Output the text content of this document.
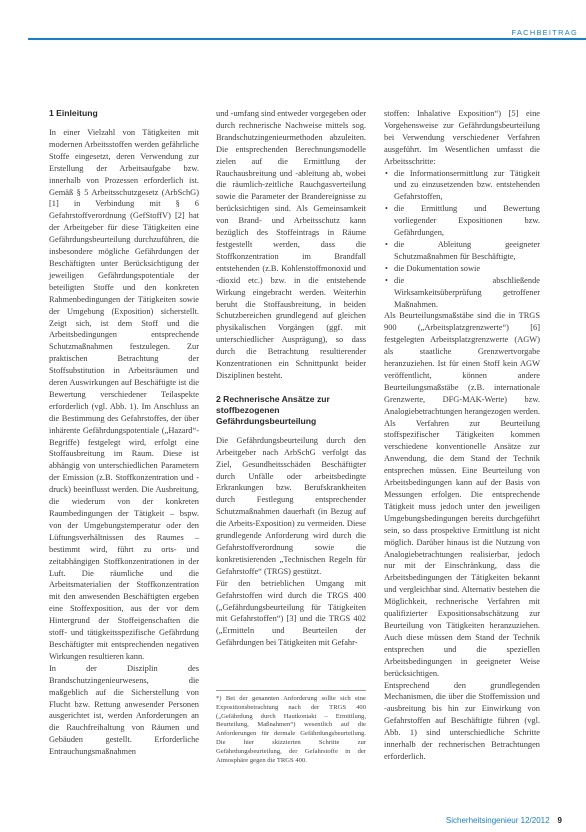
FACHBEITRAG
1 Einleitung

In einer Vielzahl von Tätigkeiten mit modernen Arbeitsstoffen werden gefährliche Stoffe eingesetzt, deren Verwendung zur Erstellung der Arbeitsaufgabe bzw. innerhalb von Prozessen erforderlich ist. Gemäß § 5 Arbeitsschutzgesetz (ArbSchG) [1] in Verbindung mit § 6 Gefahrstoffverordnung (GefStoffV) [2] hat der Arbeitgeber für diese Tätigkeiten eine Gefährdungsbeurteilung durchzuführen, die insbesondere mögliche Gefährdungen der Beschäftigten unter Berücksichtigung der jeweiligen Gefährdungspotentiale der beteiligten Stoffe und den konkreten Rahmenbedingungen der Tätigkeiten sowie der Umgebung (Exposition) sicherstellt. Zeigt sich, ist dem Stoff und die Arbeitsbedingungen entsprechende Schutzmaßnahmen festzulegen. Zur praktischen Betrachtung der Stoffsubstitution in Arbeitsräumen und deren Auswirkungen auf Beschäftigte ist die Bewertung verschiedener Teilaspekte erforderlich (vgl. Abb. 1). Im Anschluss an die Bestimmung des Gefahrstoffes, der über inhärente Gefährdungspotentiale („Hazard“-Begriffe) festgelegt wird, erfolgt eine Stoffausbreitung im Raum. Diese ist abhängig von unterschiedlichen Parametern der Emission (z.B. Stoffkonzentration und -druck) beeinflusst werden. Die Ausbreitung, die wiederum von der konkreten Raumbedingungen der Tätigkeit – bspw. von der Umgebungstemperatur oder den Lüftungsverhältnissen des Raumes – bestimmt wird, führt zu orts- und zeitabhängigen Stoffkonzentrationen in der Luft. Die räumliche und die Arbeitsmaterialien der Stoffkonzentration mit den anwesenden Beschäftigten ergeben eine Stoffexposition, aus der vor dem Hintergrund der Stoffeigenschaften die stoff- und tätigkeitsspezifische Gefährdung Beschäftigter mit entsprechenden negativen Wirkungen resultieren kann.

In der Disziplin des Brandschutzingenieurwesens, die maßgeblich auf die Sicherstellung von Flucht bzw. Rettung anwesender Personen ausgerichtet ist, werden Anforderungen an die Rauchfreihaltung von Räumen und Gebäuden gestellt. Erforderliche Entrauchungsmaßnahmen

und -umfang sind entweder vorgegeben oder durch rechnerische Nachweise mittels sog. Brandschutzingenieurmethoden abzuleiten. Die entsprechenden Berechnungsmodelle zielen auf die Ermittlung der Rauchausbreitung und -ableitung ab, wobei die räumlich-zeitliche Rauchgasverteilung sowie die Parameter der Brandereignisse zu berücksichtigen sind. Als Gemeinsamkeit von Brand- und Arbeitsschutz kann bezüglich des Stoffeintrags in Räume festgestellt werden, dass die Stoffkonzentration im Brandfall entstehenden (z.B. Kohlenstoffmonoxid und -dioxid etc.) bzw. in die entstehende Wirkung eingebracht werden. Weiterhin beruht die Stoffausbreitung, in beiden Schutzbereichen grundlegend auf gleichen physikalischen Vorgängen (ggf. mit unterschiedlicher Ausprägung), so dass durch die Betrachtung resultierender Konzentrationen ein Schnittpunkt beider Disziplinen besteht.

2 Rechnerische Ansätze zur stoffbezogenen Gefährdungsbeurteilung

Die Gefährdungsbeurteilung durch den Arbeitgeber nach ArbSchG verfolgt das Ziel, Gesundheitsschäden Beschäftigter durch Unfälle oder arbeitsbedingte Erkrankungen bzw. Berufskrankheiten durch Festlegung entsprechender Schutzmaßnahmen dauerhaft (in Bezug auf die Arbeits-Exposition) zu vermeiden. Diese grundlegende Anforderung wird durch die Gefahrstoffverordnung sowie die konkretisierenden „Technischen Regeln für Gefahrstoffe“ (TRGS) gestützt.

Für den betrieblichen Umgang mit Gefahrstoffen wird durch die TRGS 400 („Gefährdungsbeurteilung für Tätigkeiten mit Gefahrstoffen“) [3] und die TRGS 402 („Ermitteln und Beurteilen der Gefährdungen bei Tätigkeiten mit Gefahr-

*) Bei der genannten Anforderung sollte sich eine Expositionsbetrachtung nach der TRGS 400 („Gefährdung durch Hautkontakt – Ermittlung, Beurteilung, Maßnahmen“) wesentlich auf die Anforderungen für dermale Gefährdungsbeurteilung. Die hier skizzierten Schritte zur Gefährdungsbeurteilung, der Gefahrstoffe in der Atmosphäre gegen die TRGS 400.

stoffen: Inhalative Exposition“) [5] eine Vorgehensweise zur Gefährdungsbeurteilung bei Verwendung verschiedener Verfahren ausgeführt. Im Wesentlichen umfasst die Arbeitsschritte:

• die Informationsermittlung zur Tätigkeit und zu einzusetzenden bzw. entstehenden Gefahrstoffen,
• die Ermittlung und Bewertung vorliegender Expositionen bzw. Gefährdungen,
• die Ableitung geeigneter Schutzmaßnahmen für Beschäftigte,
• die Dokumentation sowie
• die abschließende Wirksamkeitsüberprüfung getroffener Maßnahmen.

Als Beurteilungsmaßstäbe sind die in TRGS 900 („Arbeitsplatzgrenzwerte“) [6] festgelegten Arbeitsplatzgrenzwerte (AGW) als staatliche Grenzwertvorgabe heranzuziehen. Ist für einen Stoff kein AGW veröffentlicht, können andere Beurteilungsmaßstäbe (z.B. internationale Grenzwerte, DFG-MAK-Werte) bzw. Analogiebetrachtungen herangezogen werden. Als Verfahren zur Beurteilung stoffspezifischer Tätigkeiten kommen verschiedene konventionelle Ansätze zur Anwendung, die dem Stand der Technik entsprechen müssen. Eine Beurteilung von Arbeitsbedingungen kann auf der Basis von Messungen erfolgen. Die entsprechende Tätigkeit muss jedoch unter den jeweiligen Umgebungsbedingungen bereits durchgeführt sein, so dass prospektive Ermittlung ist nicht möglich. Darüber hinaus ist die Nutzung von Analogiebetrachtungen realisierbar, jedoch nur mit der Einschränkung, dass die Arbeitsbedingungen der Tätigkeiten bekannt und vergleichbar sind. Alternativ bestehen die Möglichkeit, rechnerische Verfahren mit qualifizierter Expositionsabschätzung zur Beurteilung von Tätigkeiten heranzuziehen. Auch diese müssen dem Stand der Technik entsprechen und die speziellen Arbeitsbedingungen in geeigneter Weise berücksichtigen.

Entsprechend den grundlegenden Mechanismen, die über die Stoffemission und -ausbreitung bis hin zur Einwirkung von Gefahrstoffen auf Beschäftigte führen (vgl. Abb. 1) sind unterschiedliche Schritte innerhalb der rechnerischen Betrachtungen erforderlich.

Sicherheitsingenieur 12/2012 9
